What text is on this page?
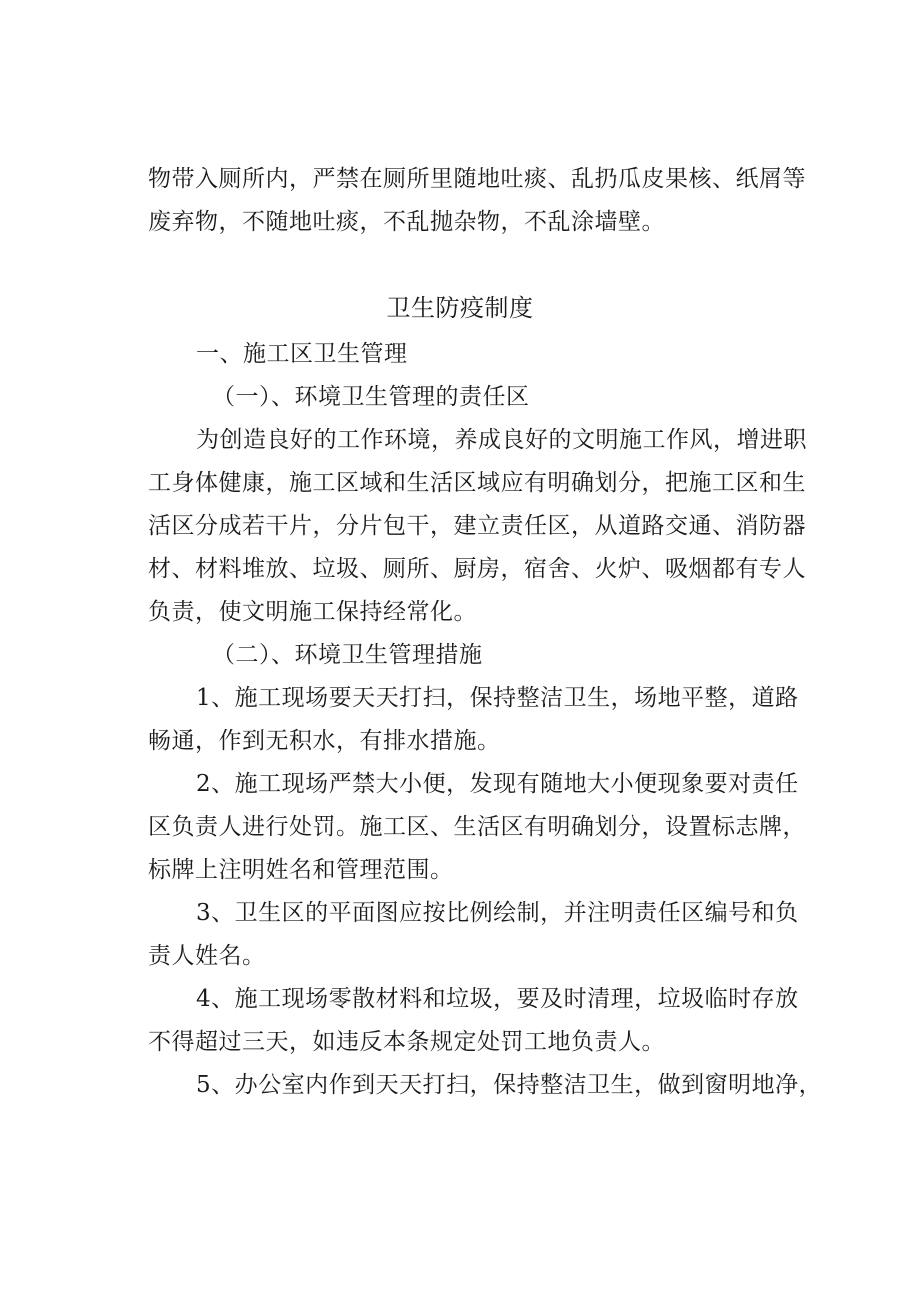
物带入厕所内，严禁在厕所里随地吐痰、乱扔瓜皮果核、纸屑等
废弃物，不随地吐痰，不乱抛杂物，不乱涂墙壁。
卫生防疫制度
一、施工区卫生管理
（一）、环境卫生管理的责任区
为创造良好的工作环境，养成良好的文明施工作风，增进职
工身体健康，施工区域和生活区域应有明确划分，把施工区和生
活区分成若干片，分片包干，建立责任区，从道路交通、消防器
材、材料堆放、垃圾、厕所、厨房，宿舍、火炉、吸烟都有专人
负责，使文明施工保持经常化。
（二）、环境卫生管理措施
1、施工现场要天天打扫，保持整洁卫生，场地平整，道路
畅通，作到无积水，有排水措施。
2、施工现场严禁大小便，发现有随地大小便现象要对责任
区负责人进行处罚。施工区、生活区有明确划分，设置标志牌，
标牌上注明姓名和管理范围。
3、卫生区的平面图应按比例绘制，并注明责任区编号和负
责人姓名。
4、施工现场零散材料和垃圾，要及时清理，垃圾临时存放
不得超过三天，如违反本条规定处罚工地负责人。
5、办公室内作到天天打扫，保持整洁卫生，做到窗明地净，
